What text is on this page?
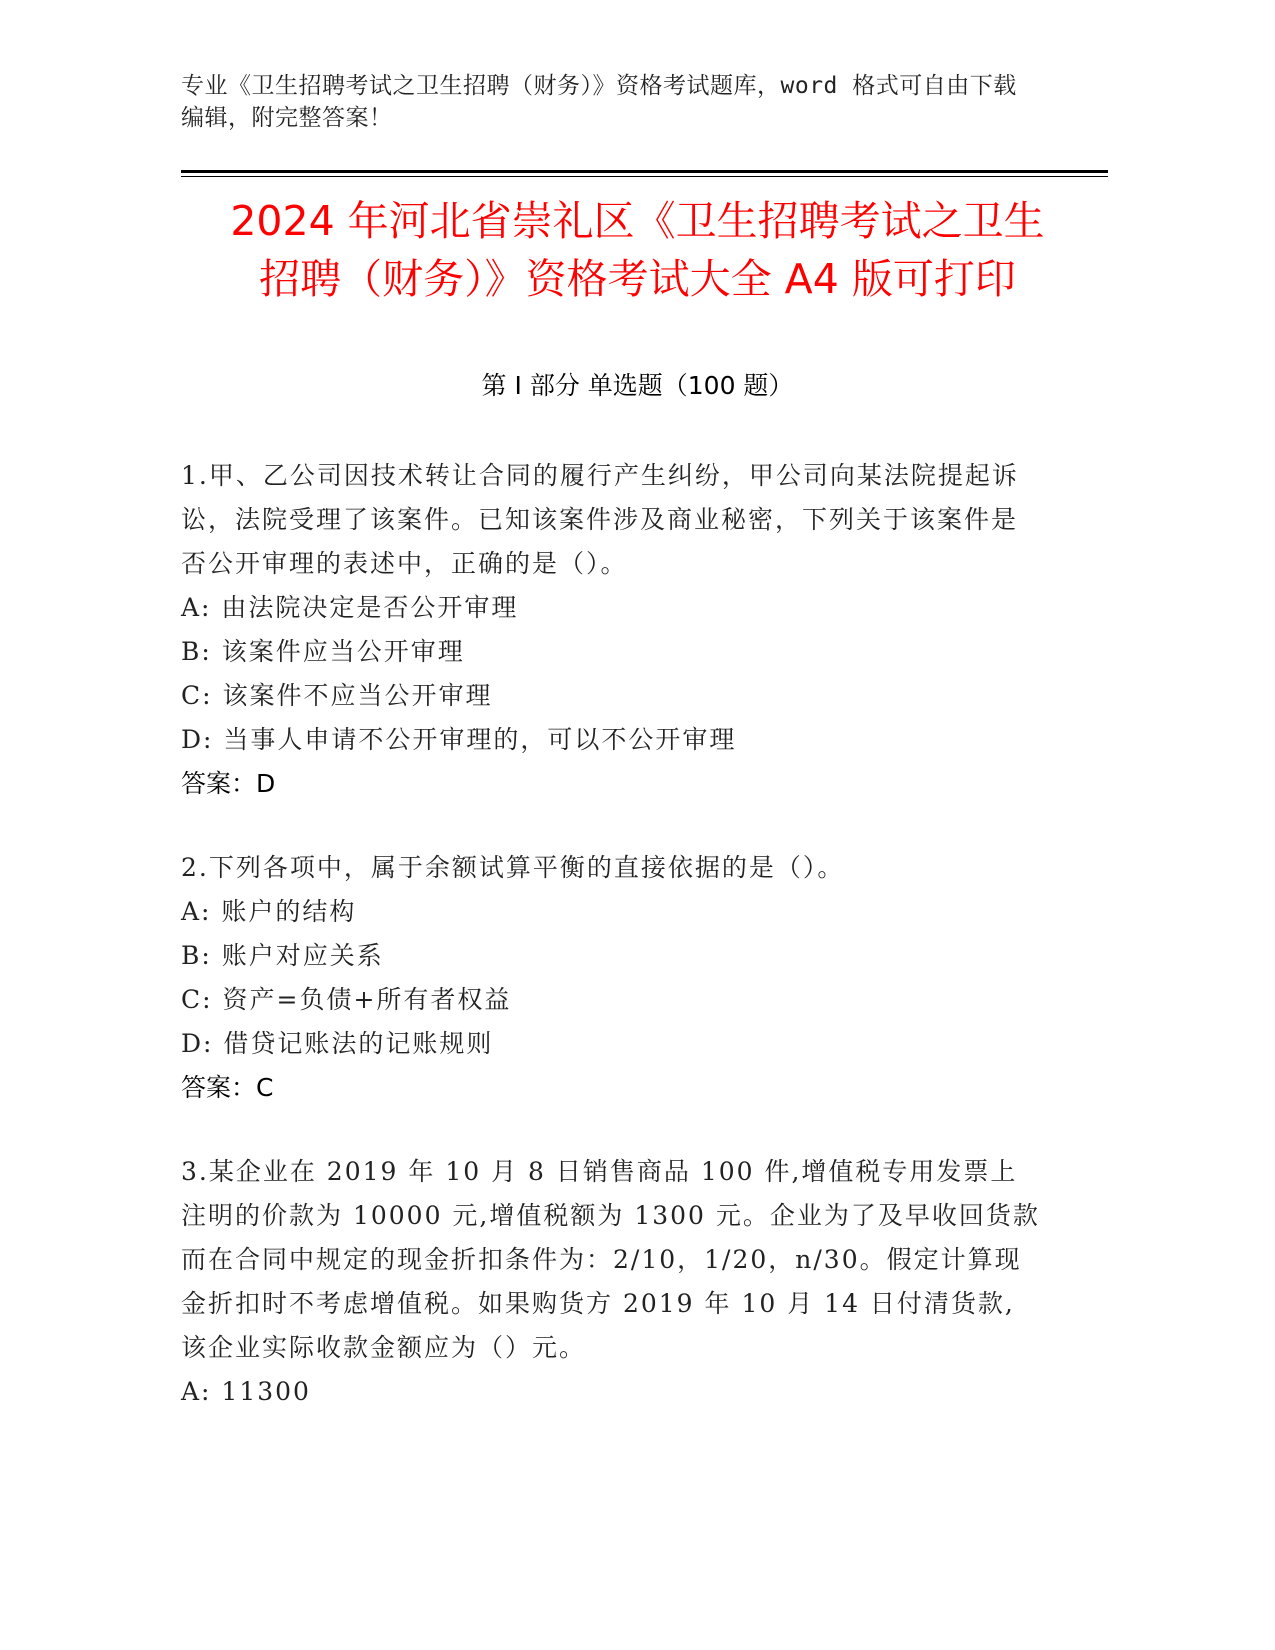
专业《卫生招聘考试之卫生招聘（财务）》资格考试题库，word 格式可自由下载
编辑，附完整答案！
2024 年河北省崇礼区《卫生招聘考试之卫生
招聘（财务）》资格考试大全 A4 版可打印
第 I 部分 单选题（100 题）
1.甲、乙公司因技术转让合同的履行产生纠纷，甲公司向某法院提起诉讼，法院受理了该案件。已知该案件涉及商业秘密，下列关于该案件是否公开审理的表述中，正确的是（）。
A: 由法院决定是否公开审理
B: 该案件应当公开审理
C: 该案件不应当公开审理
D: 当事人申请不公开审理的，可以不公开审理
答案：D
2.下列各项中，属于余额试算平衡的直接依据的是（）。
A: 账户的结构
B: 账户对应关系
C: 资产=负债+所有者权益
D: 借贷记账法的记账规则
答案：C
3.某企业在 2019 年 10 月 8 日销售商品 100 件,增值税专用发票上注明的价款为 10000 元,增值税额为 1300 元。企业为了及早收回货款而在合同中规定的现金折扣条件为：2/10，1/20，n/30。假定计算现金折扣时不考虑增值税。如果购货方 2019 年 10 月 14 日付清货款,该企业实际收款金额应为（）元。
A: 11300
